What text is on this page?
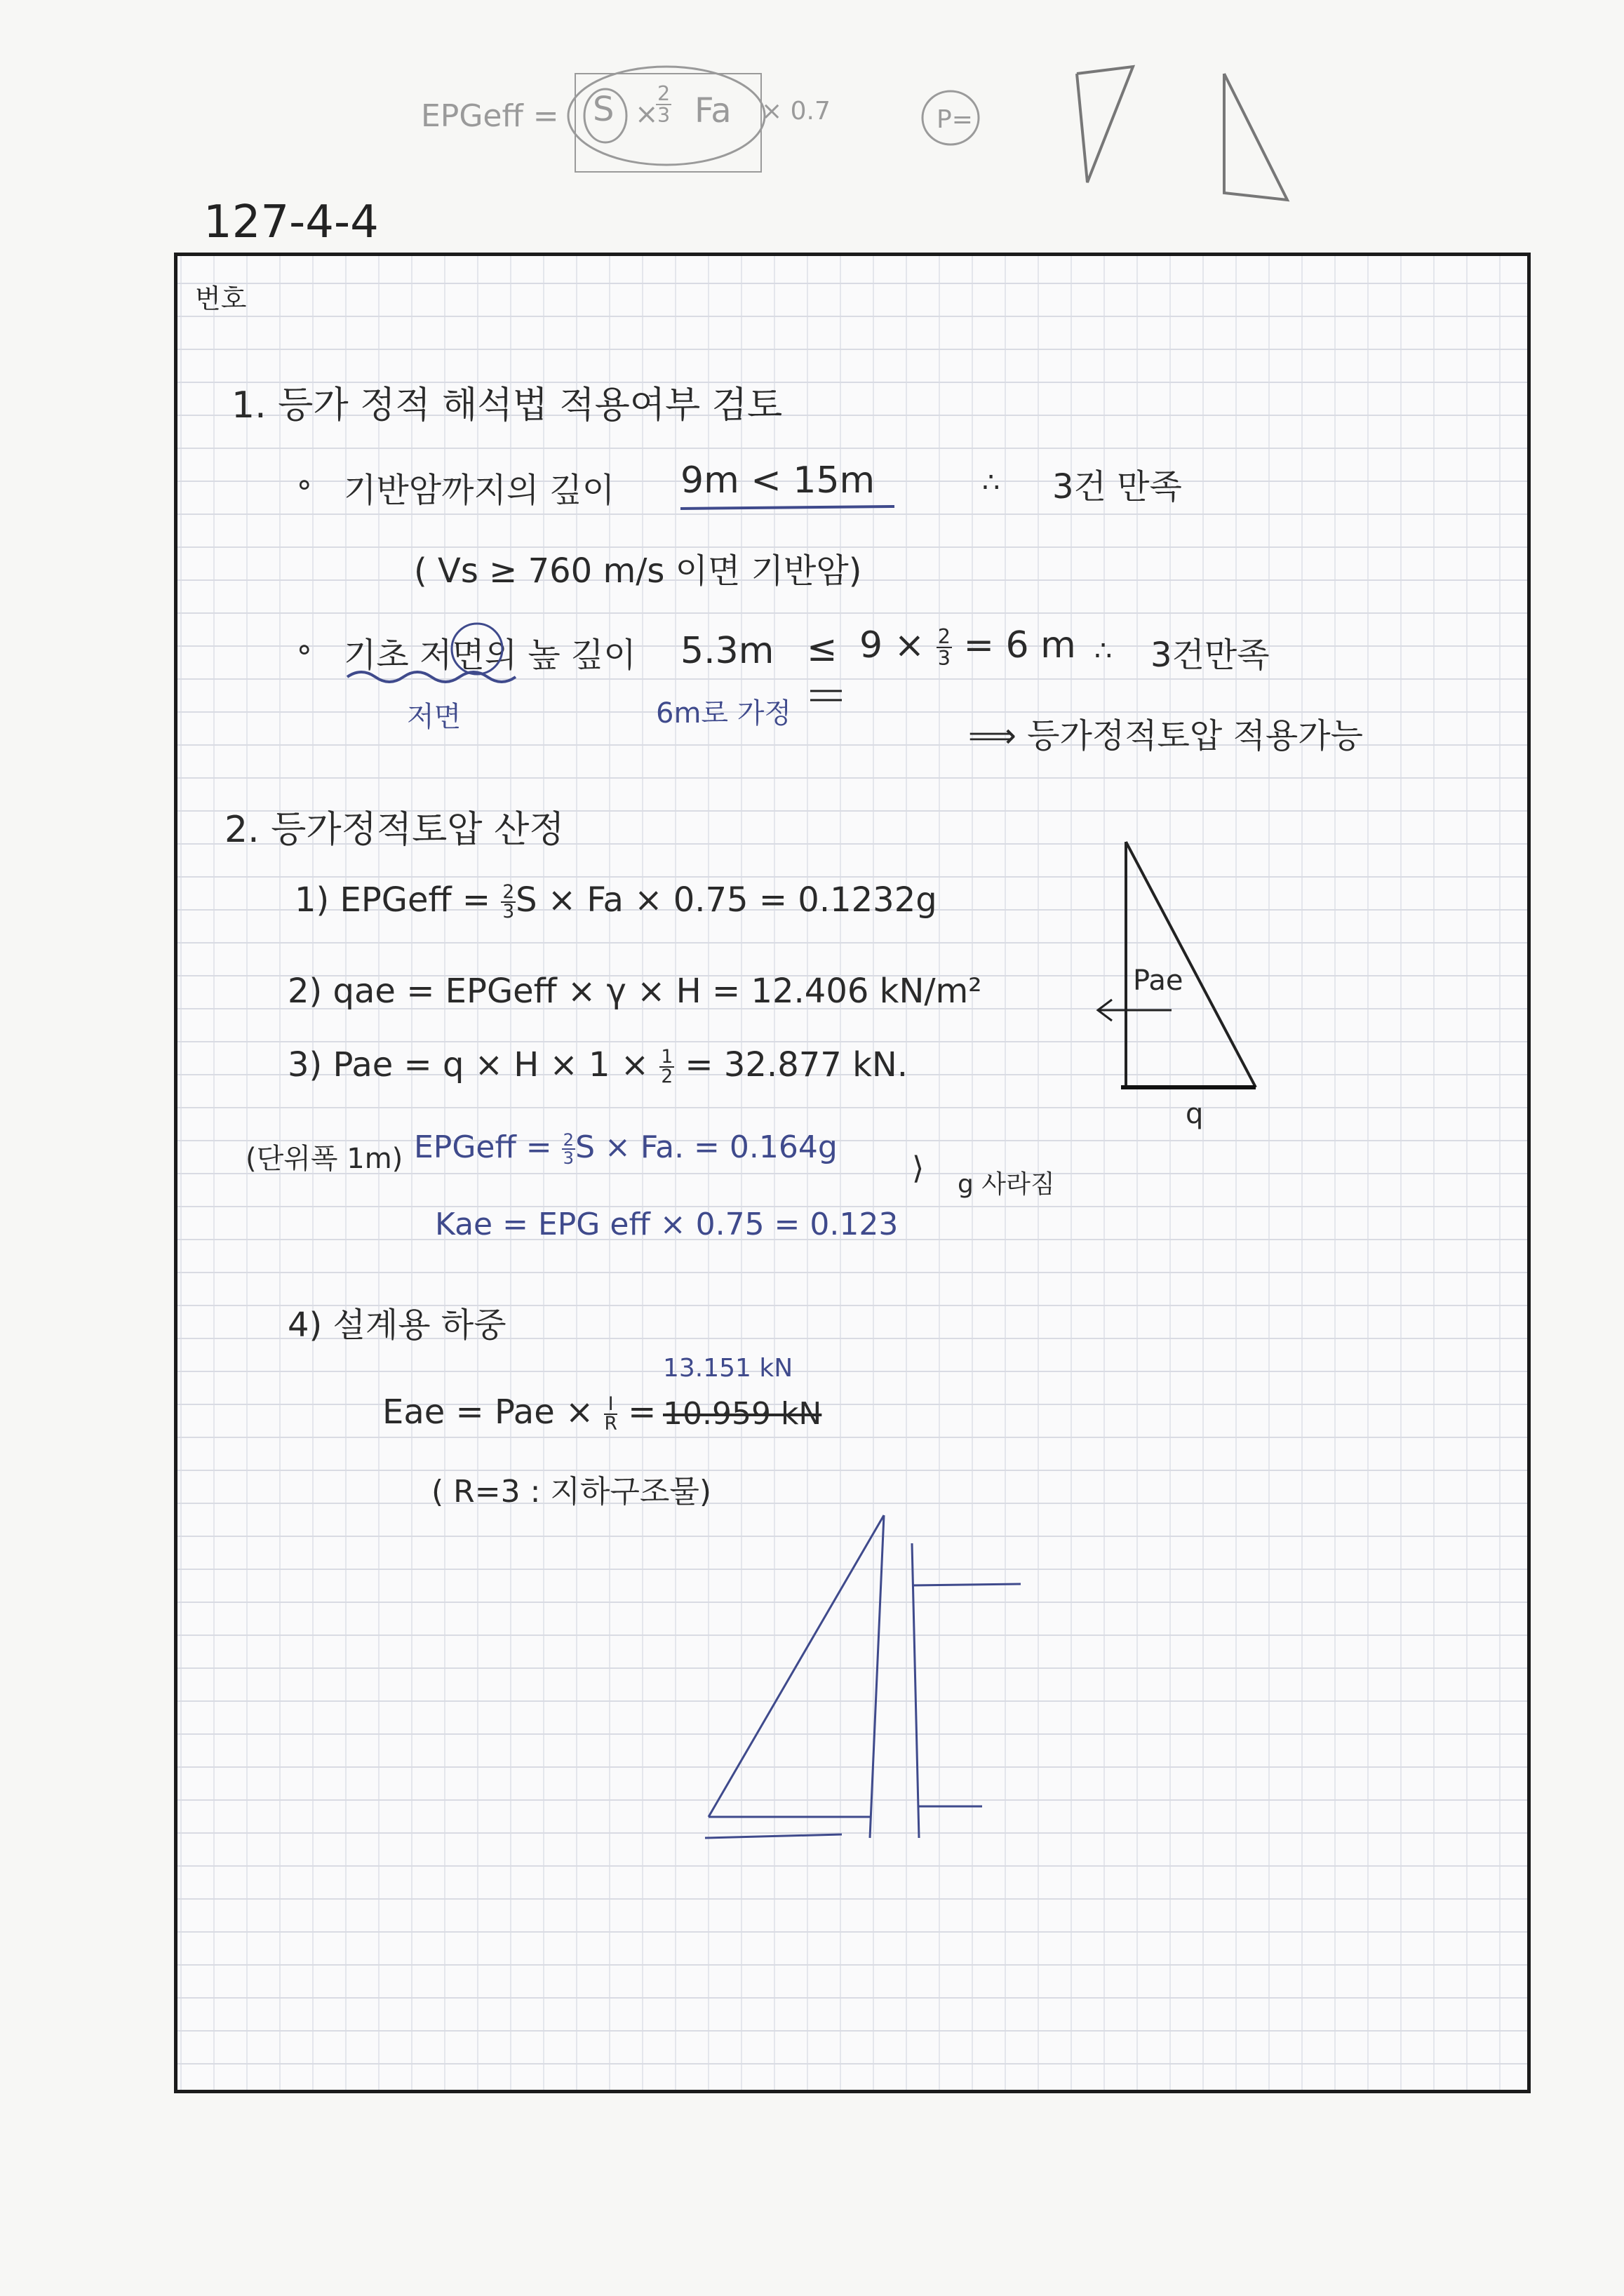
EPGeff = S ×
$\frac{2}{3}$ Fa × 0.7	P=
127-4-4
번호
1. 등가 정적 해석법 적용여부 검토
∘ 기반암까지의 깊이 9m < 15m	∴ 3건 만족
( Vs ≥ 760 m/s 이면 기반암)
∘ 기초 저면의 높 깊이
저면
5.3m
6m로 가정
≤ $9 \times \frac{2}{3} = 6$ m ∴ 3건만족
⟹ 등가정적토압 적용가능
2. 등가정적토압 산정
1) EPGeff = $\frac{2}{3}$ S × Fa × 0.75 = 0.1232g
2) qae = EPGeff × γ × H = 12.406 kN/m²
3) Pae = $q \times H \times 1 \times \frac{1}{2} = 32.877$ kN.
(단위폭 1m) EPGeff = $\frac{2}{3}$ S × Fa. = 0.164g
Kae = EPG eff × 0.75 = 0.123
⟩ g 사라짐
Pae
q
4) 설계용 하중
Eae = Pae × $\frac{I}{R}$ =
13.151 kN
10.959 kN
( R=3 : 지하구조물)
